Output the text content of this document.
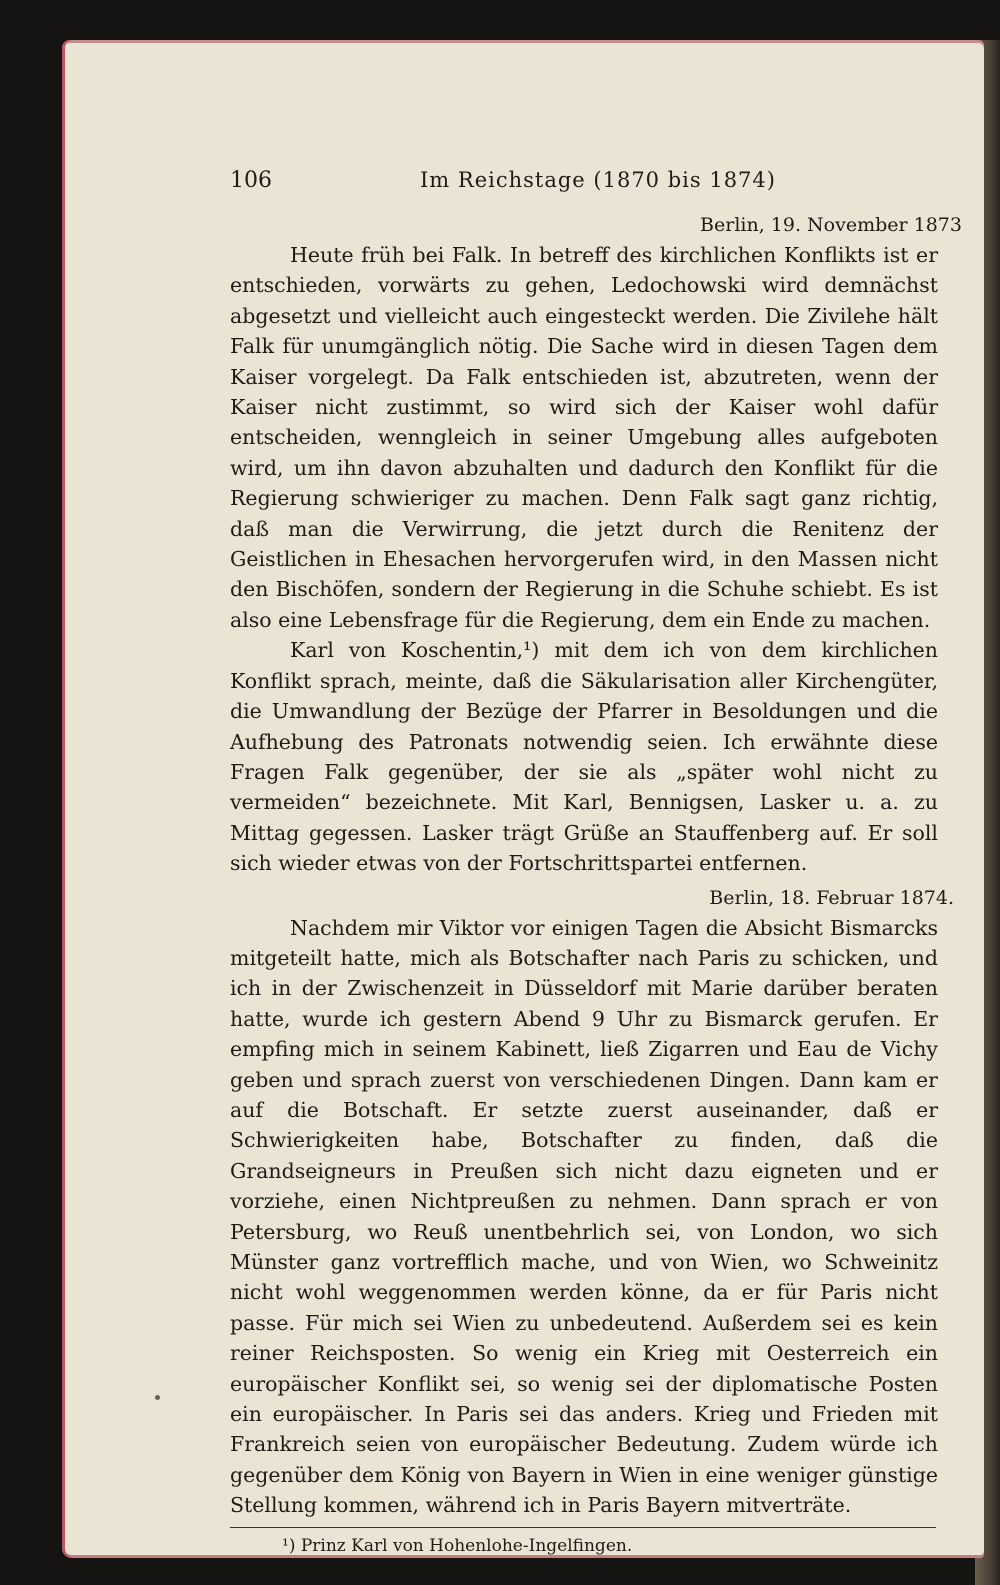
106	Im Reichstage (1870 bis 1874)
Berlin, 19. November 1873

Heute früh bei Falk. In betreff des kirchlichen Konflikts ist er entschieden, vorwärts zu gehen, Ledochowski wird demnächst abgesetzt und vielleicht auch eingesteckt werden. Die Zivilehe hält Falk für unumgänglich nötig. Die Sache wird in diesen Tagen dem Kaiser vorgelegt. Da Falk entschieden ist, abzutreten, wenn der Kaiser nicht zustimmt, so wird sich der Kaiser wohl dafür entscheiden, wenngleich in seiner Umgebung alles aufgeboten wird, um ihn davon abzuhalten und dadurch den Konflikt für die Regierung schwieriger zu machen. Denn Falk sagt ganz richtig, daß man die Verwirrung, die jetzt durch die Renitenz der Geistlichen in Ehesachen hervorgerufen wird, in den Massen nicht den Bischöfen, sondern der Regierung in die Schuhe schiebt. Es ist also eine Lebensfrage für die Regierung, dem ein Ende zu machen.

Karl von Koschentin,¹) mit dem ich von dem kirchlichen Konflikt sprach, meinte, daß die Säkularisation aller Kirchengüter, die Umwandlung der Bezüge der Pfarrer in Besoldungen und die Aufhebung des Patronats notwendig seien. Ich erwähnte diese Fragen Falk gegenüber, der sie als „später wohl nicht zu vermeiden“ bezeichnete. Mit Karl, Bennigsen, Lasker u. a. zu Mittag gegessen. Lasker trägt Grüße an Stauffenberg auf. Er soll sich wieder etwas von der Fortschrittspartei entfernen.

Berlin, 18. Februar 1874.

Nachdem mir Viktor vor einigen Tagen die Absicht Bismarcks mitgeteilt hatte, mich als Botschafter nach Paris zu schicken, und ich in der Zwischenzeit in Düsseldorf mit Marie darüber beraten hatte, wurde ich gestern Abend 9 Uhr zu Bismarck gerufen. Er empfing mich in seinem Kabinett, ließ Zigarren und Eau de Vichy geben und sprach zuerst von verschiedenen Dingen. Dann kam er auf die Botschaft. Er setzte zuerst auseinander, daß er Schwierigkeiten habe, Botschafter zu finden, daß die Grandseigneurs in Preußen sich nicht dazu eigneten und er vorziehe, einen Nichtpreußen zu nehmen. Dann sprach er von Petersburg, wo Reuß unentbehrlich sei, von London, wo sich Münster ganz vortrefflich mache, und von Wien, wo Schweinitz nicht wohl weggenommen werden könne, da er für Paris nicht passe. Für mich sei Wien zu unbedeutend. Außerdem sei es kein reiner Reichsposten. So wenig ein Krieg mit Oesterreich ein europäischer Konflikt sei, so wenig sei der diplomatische Posten ein europäischer. In Paris sei das anders. Krieg und Frieden mit Frankreich seien von europäischer Bedeutung. Zudem würde ich gegenüber dem König von Bayern in Wien in eine weniger günstige Stellung kommen, während ich in Paris Bayern mitverträte.

¹) Prinz Karl von Hohenlohe-Ingelfingen.
